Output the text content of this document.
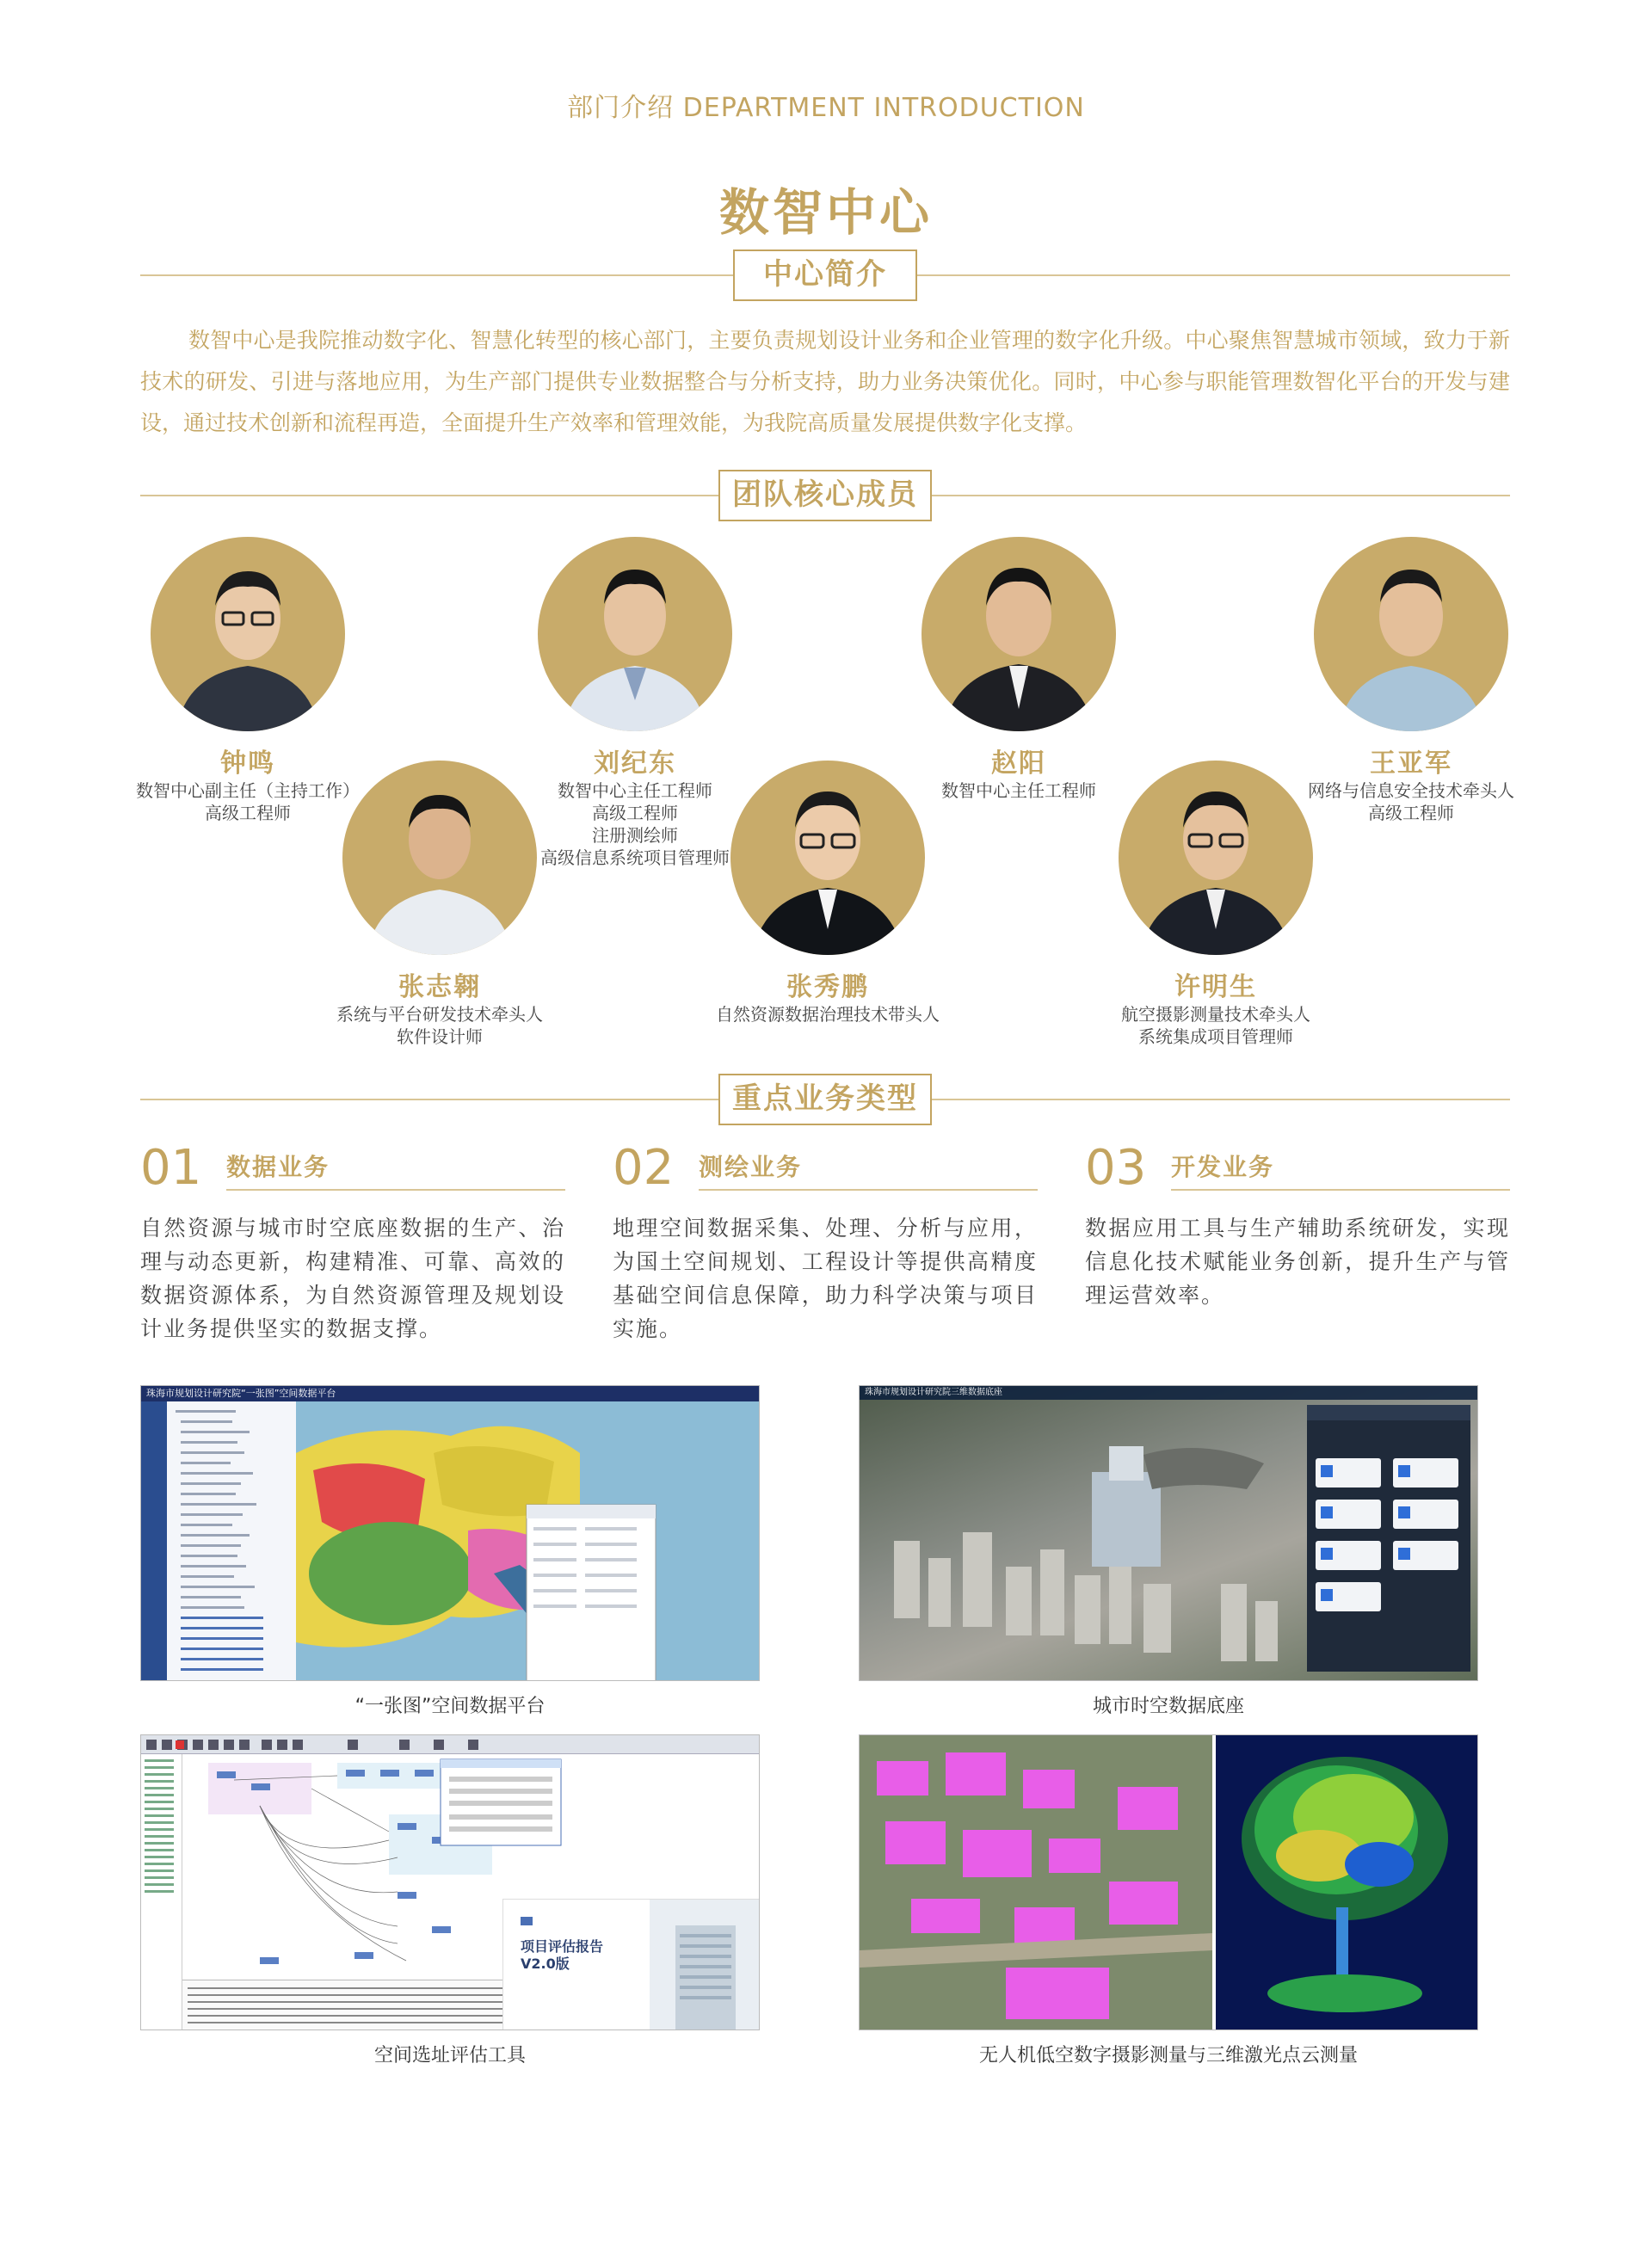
部门介绍 DEPARTMENT INTRODUCTION
数智中心
中心简介
数智中心是我院推动数字化、智慧化转型的核心部门，主要负责规划设计业务和企业管理的数字化升级。中心聚焦智慧城市领域，致力于新技术的研发、引进与落地应用，为生产部门提供专业数据整合与分析支持，助力业务决策优化。同时，中心参与职能管理数智化平台的开发与建设，通过技术创新和流程再造，全面提升生产效率和管理效能，为我院高质量发展提供数字化支撑。
团队核心成员
钟鸣
数智中心副主任（主持工作）
高级工程师
刘纪东
数智中心主任工程师
高级工程师
注册测绘师
高级信息系统项目管理师
赵阳
数智中心主任工程师
王亚军
网络与信息安全技术牵头人
高级工程师
张志翱
系统与平台研发技术牵头人
软件设计师
张秀鹏
自然资源数据治理技术带头人
许明生
航空摄影测量技术牵头人
系统集成项目管理师
重点业务类型
01 数据业务
自然资源与城市时空底座数据的生产、治理与动态更新，构建精准、可靠、高效的数据资源体系，为自然资源管理及规划设计业务提供坚实的数据支撑。
02 测绘业务
地理空间数据采集、处理、分析与应用，为国土空间规划、工程设计等提供高精度基础空间信息保障，助力科学决策与项目实施。
03 开发业务
数据应用工具与生产辅助系统研发，实现信息化技术赋能业务创新，提升生产与管理运营效率。
珠海市规划设计研究院“一张图”空间数据平台
“一张图”空间数据平台
珠海市规划设计研究院三维数据底座
城市时空数据底座
项目评估报告
V2.0版
空间选址评估工具	无人机低空数字摄影测量与三维激光点云测量
